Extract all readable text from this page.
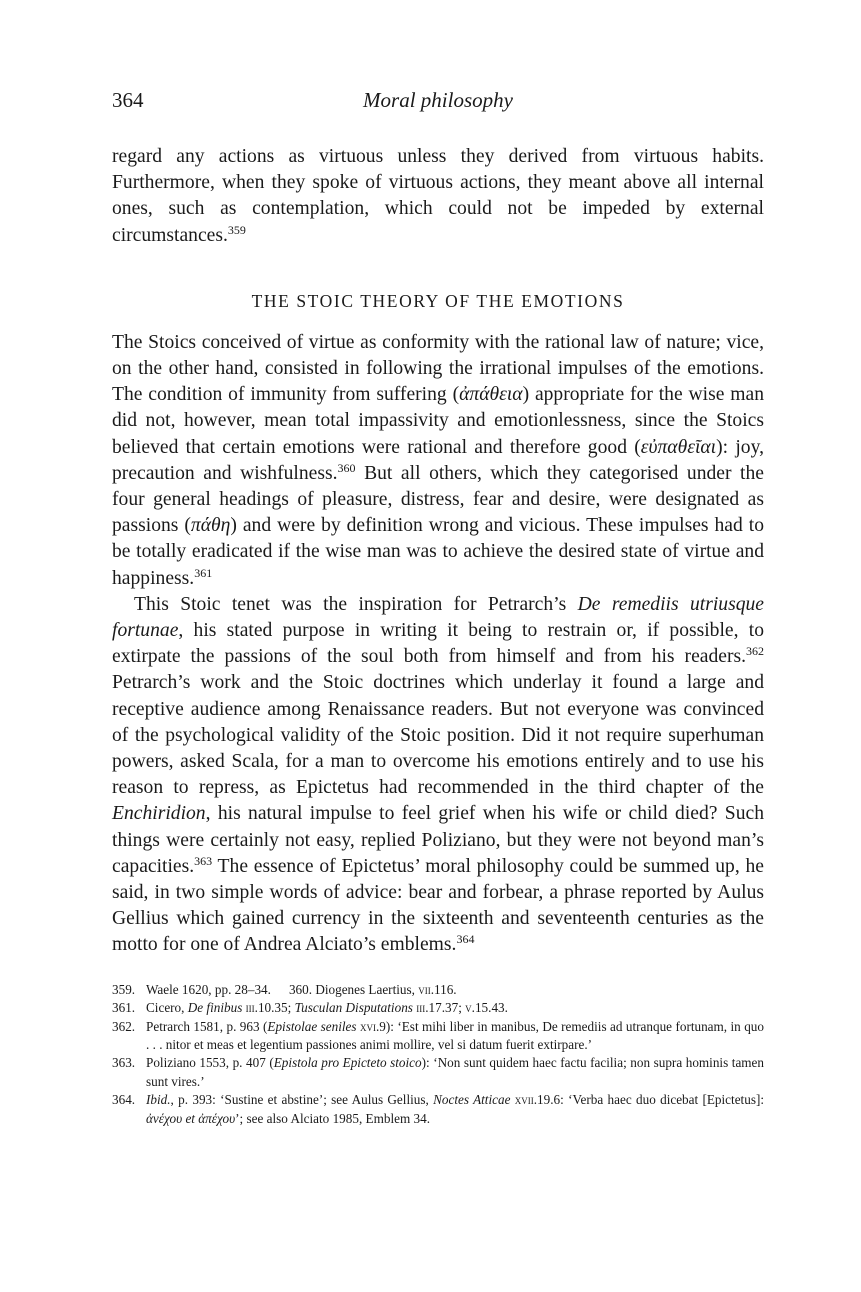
364	Moral philosophy

regard any actions as virtuous unless they derived from virtuous habits. Furthermore, when they spoke of virtuous actions, they meant above all internal ones, such as contemplation, which could not be impeded by external circumstances.$^{359}$

THE STOIC THEORY OF THE EMOTIONS

The Stoics conceived of virtue as conformity with the rational law of nature; vice, on the other hand, consisted in following the irrational impulses of the emotions. The condition of immunity from suffering (ἀπάθεια) appropriate for the wise man did not, however, mean total impassivity and emotionlessness, since the Stoics believed that certain emotions were rational and therefore good (εὐπαθεῖαι): joy, precaution and wishfulness.$^{360}$ But all others, which they categorised under the four general headings of pleasure, distress, fear and desire, were designated as passions (πάθη) and were by definition wrong and vicious. These impulses had to be totally eradicated if the wise man was to achieve the desired state of virtue and happiness.$^{361}$

This Stoic tenet was the inspiration for Petrarch’s De remediis utriusque fortunae, his stated purpose in writing it being to restrain or, if possible, to extirpate the passions of the soul both from himself and from his readers.$^{362}$ Petrarch’s work and the Stoic doctrines which underlay it found a large and receptive audience among Renaissance readers. But not everyone was convinced of the psychological validity of the Stoic position. Did it not require superhuman powers, asked Scala, for a man to overcome his emotions entirely and to use his reason to repress, as Epictetus had recommended in the third chapter of the Enchiridion, his natural impulse to feel grief when his wife or child died? Such things were certainly not easy, replied Poliziano, but they were not beyond man’s capacities.$^{363}$ The essence of Epictetus’ moral philosophy could be summed up, he said, in two simple words of advice: bear and forbear, a phrase reported by Aulus Gellius which gained currency in the sixteenth and seventeenth centuries as the motto for one of Andrea Alciato’s emblems.$^{364}$

359. Waele 1620, pp. 28–34. 360. Diogenes Laertius, vii.116.
361. Cicero, De finibus iii.10.35; Tusculan Disputations iii.17.37; v.15.43.
362. Petrarch 1581, p. 963 (Epistolae seniles xvi.9): ‘Est mihi liber in manibus, De remediis ad utranque fortunam, in quo . . . nitor et meas et legentium passiones animi mollire, vel si datum fuerit extirpare.’
363. Poliziano 1553, p. 407 (Epistola pro Epicteto stoico): ‘Non sunt quidem haec factu facilia; non supra hominis tamen sunt vires.’
364. Ibid., p. 393: ‘Sustine et abstine’; see Aulus Gellius, Noctes Atticae xvii.19.6: ‘Verba haec duo dicebat [Epictetus]: ἀνέχου et ἀπέχου’; see also Alciato 1985, Emblem 34.
